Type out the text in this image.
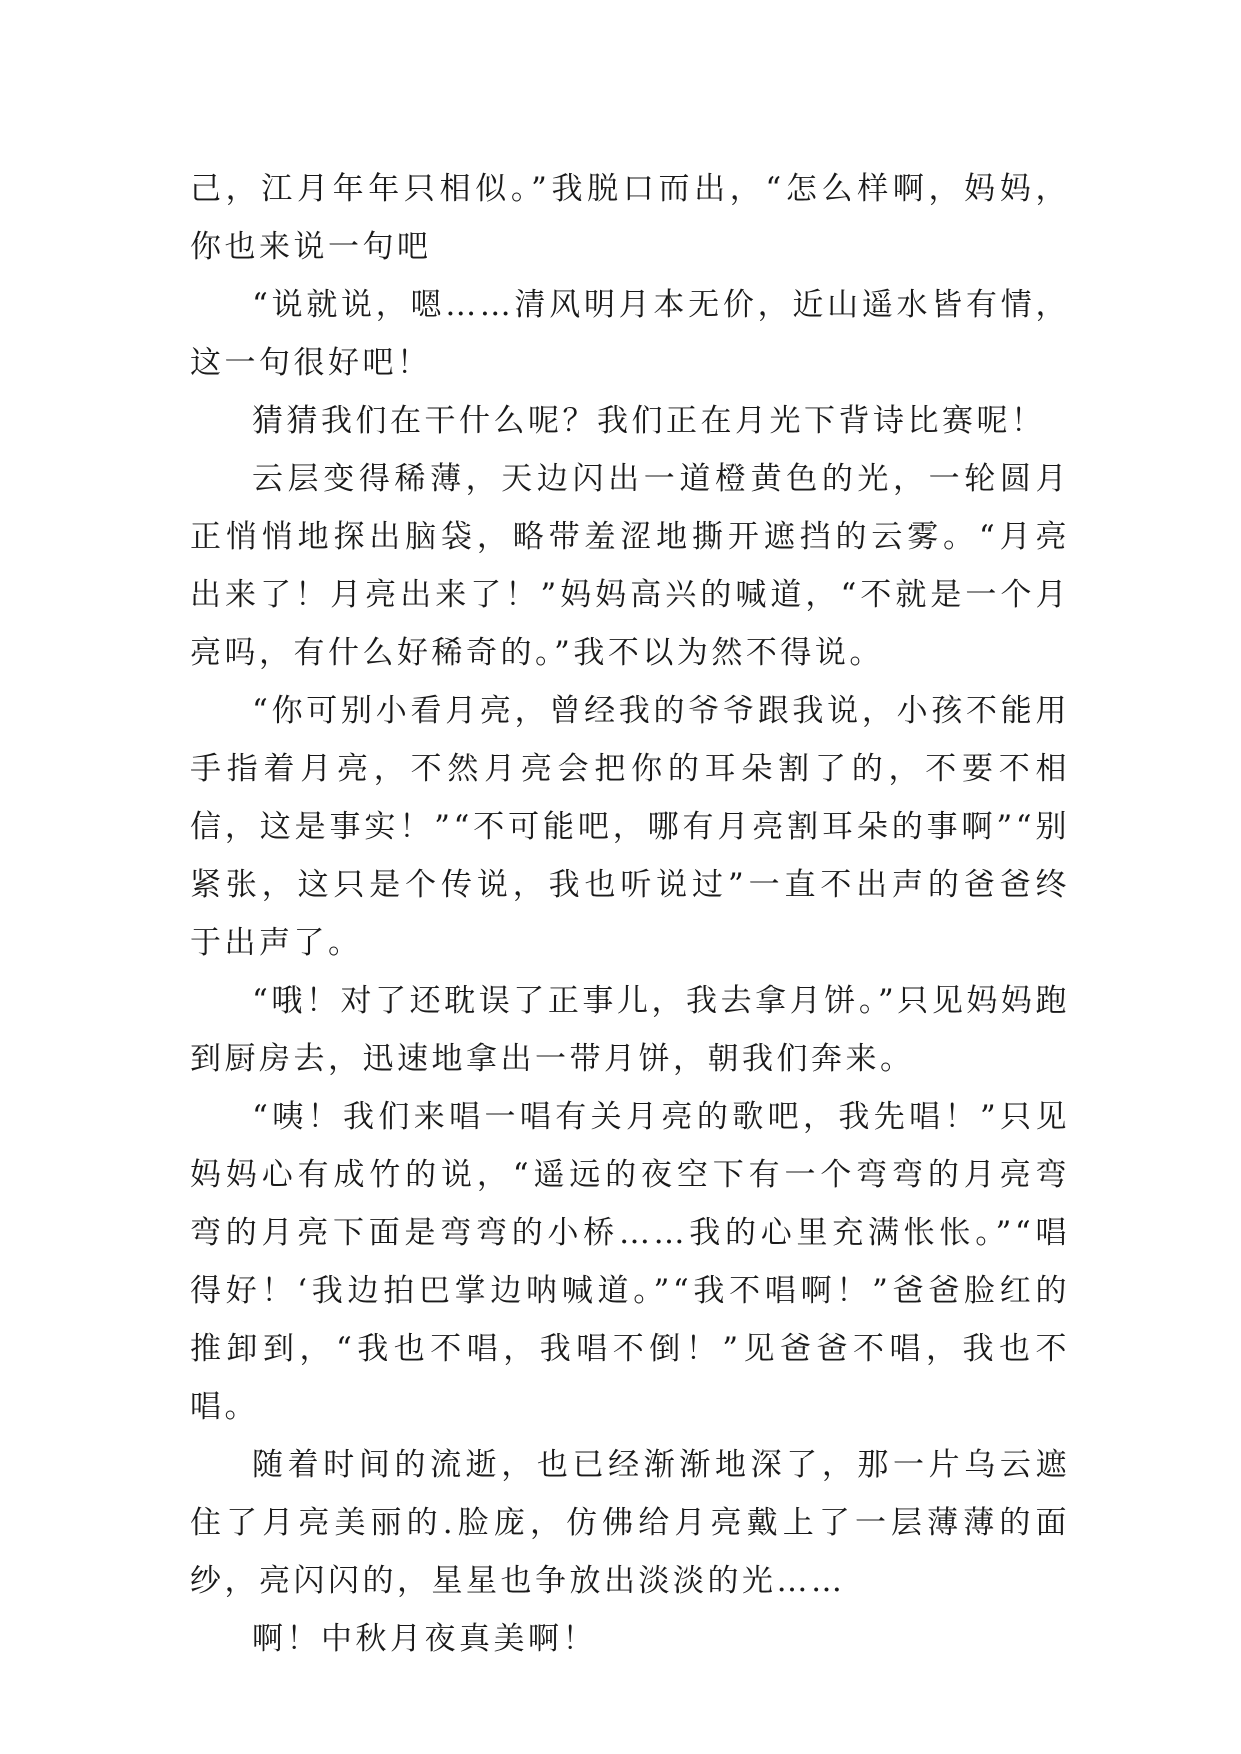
己，江月年年只相似。”我脱口而出，“怎么样啊，妈妈，你也来说一句吧

“说就说，嗯……清风明月本无价，近山遥水皆有情，这一句很好吧！

猜猜我们在干什么呢？我们正在月光下背诗比赛呢！

云层变得稀薄，天边闪出一道橙黄色的光，一轮圆月正悄悄地探出脑袋，略带羞涩地撕开遮挡的云雾。“月亮出来了！月亮出来了！”妈妈高兴的喊道，“不就是一个月亮吗，有什么好稀奇的。”我不以为然不得说。

“你可别小看月亮，曾经我的爷爷跟我说，小孩不能用手指着月亮，不然月亮会把你的耳朵割了的，不要不相信，这是事实！”“不可能吧，哪有月亮割耳朵的事啊”“别紧张，这只是个传说，我也听说过”一直不出声的爸爸终于出声了。

“哦！对了还耽误了正事儿，我去拿月饼。”只见妈妈跑到厨房去，迅速地拿出一带月饼，朝我们奔来。

“咦！我们来唱一唱有关月亮的歌吧，我先唱！”只见妈妈心有成竹的说，“遥远的夜空下有一个弯弯的月亮弯弯的月亮下面是弯弯的小桥……我的心里充满怅怅。”“唱得好！‘我边拍巴掌边呐喊道。”“我不唱啊！”爸爸脸红的推卸到，“我也不唱，我唱不倒！”见爸爸不唱，我也不唱。

随着时间的流逝，也已经渐渐地深了，那一片乌云遮住了月亮美丽的.脸庞，仿佛给月亮戴上了一层薄薄的面纱，亮闪闪的，星星也争放出淡淡的光……

啊！中秋月夜真美啊！
